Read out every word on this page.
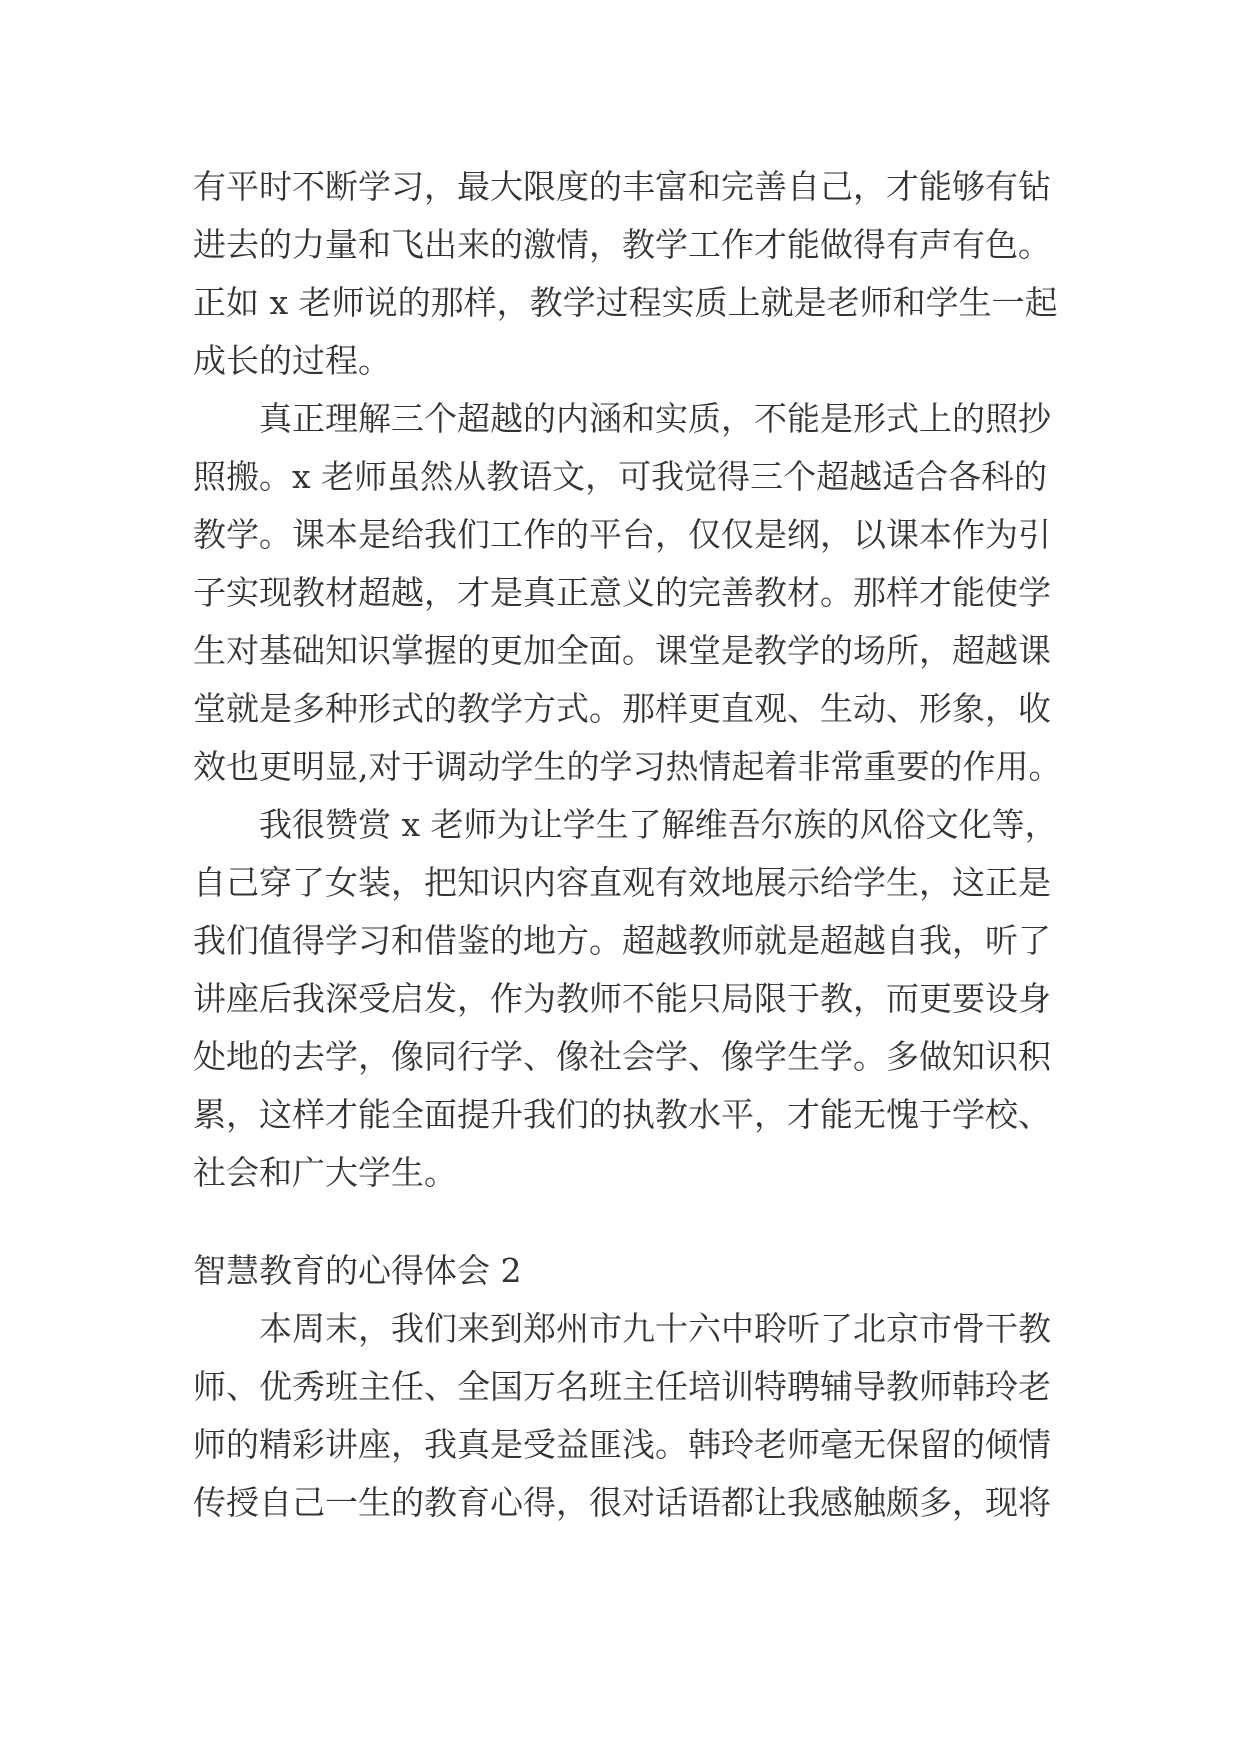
有平时不断学习，最大限度的丰富和完善自己，才能够有钻
进去的力量和飞出来的激情，教学工作才能做得有声有色。
正如 x 老师说的那样，教学过程实质上就是老师和学生一起
成长的过程。
真正理解三个超越的内涵和实质，不能是形式上的照抄
照搬。x 老师虽然从教语文，可我觉得三个超越适合各科的
教学。课本是给我们工作的平台，仅仅是纲，以课本作为引
子实现教材超越，才是真正意义的完善教材。那样才能使学
生对基础知识掌握的更加全面。课堂是教学的场所，超越课
堂就是多种形式的教学方式。那样更直观、生动、形象，收
效也更明显,对于调动学生的学习热情起着非常重要的作用。
我很赞赏 x 老师为让学生了解维吾尔族的风俗文化等，
自己穿了女装，把知识内容直观有效地展示给学生，这正是
我们值得学习和借鉴的地方。超越教师就是超越自我，听了
讲座后我深受启发，作为教师不能只局限于教，而更要设身
处地的去学，像同行学、像社会学、像学生学。多做知识积
累，这样才能全面提升我们的执教水平，才能无愧于学校、
社会和广大学生。
智慧教育的心得体会 2
本周末，我们来到郑州市九十六中聆听了北京市骨干教
师、优秀班主任、全国万名班主任培训特聘辅导教师韩玲老
师的精彩讲座，我真是受益匪浅。韩玲老师毫无保留的倾情
传授自己一生的教育心得，很对话语都让我感触颇多，现将
